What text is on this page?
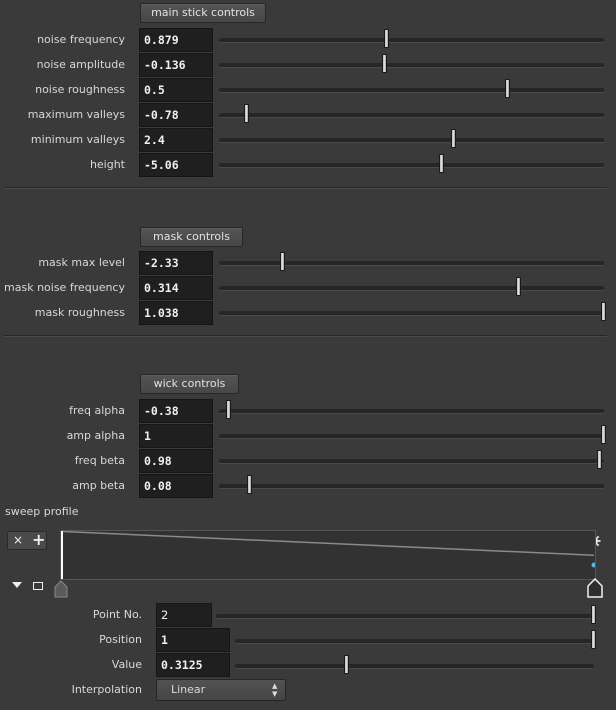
main stick controls
noise frequency	0.879
noise amplitude	-0.136
noise roughness	0.5
maximum valleys	-0.78
minimum valleys	2.4
height	-5.06
mask max level	-2.33
mask noise frequency	0.314
mask roughness	1.038
freq alpha	-0.38
amp alpha	1
freq beta	0.98
amp beta	0.08
mask controls
wick controls
sweep profile
× +
Point No.	2
Position	1
Value	0.3125
Interpolation	Linear	▲
▼
